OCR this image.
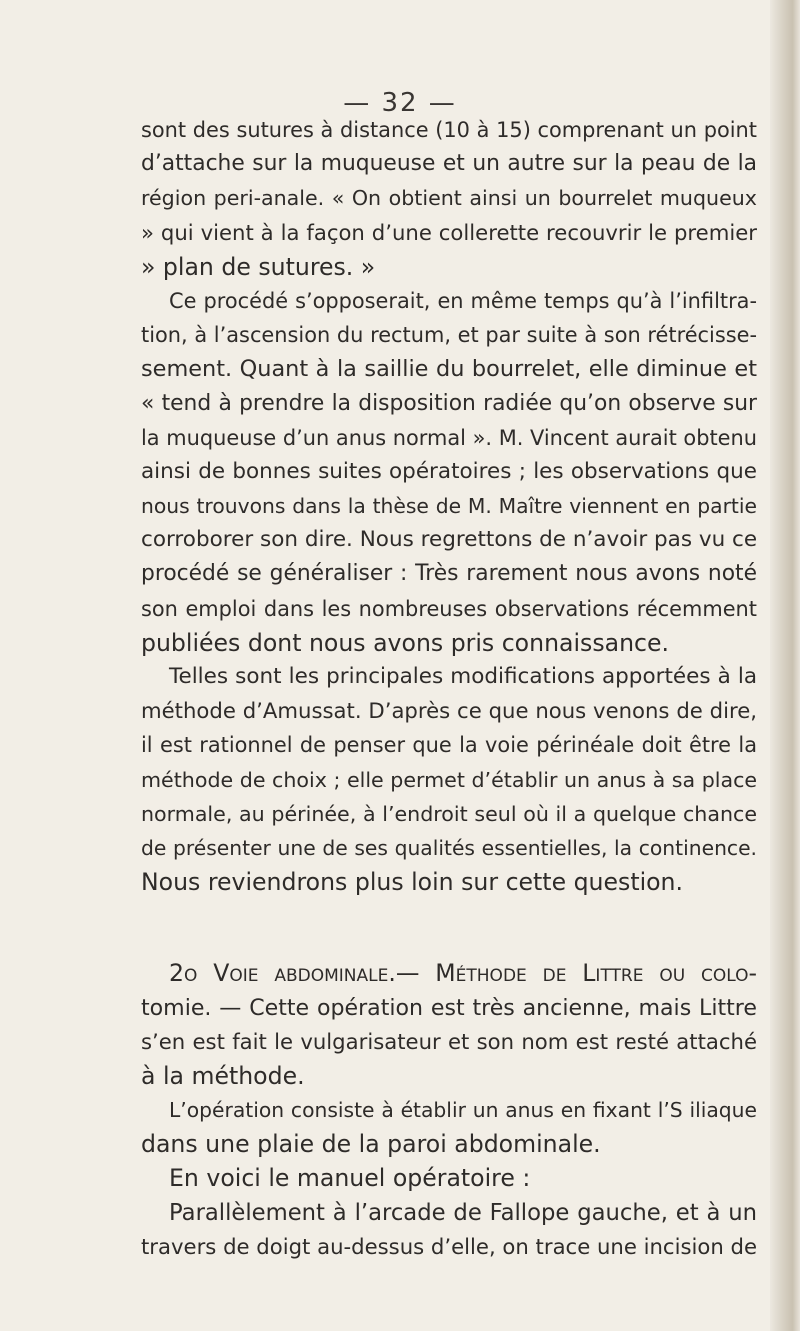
— 32 —
sont des sutures à distance (10 à 15) comprenant un point
d’attache sur la muqueuse et un autre sur la peau de la
région peri-anale. « On obtient ainsi un bourrelet muqueux
» qui vient à la façon d’une collerette recouvrir le premier
» plan de sutures. »
Ce procédé s’opposerait, en même temps qu’à l’infiltra-
tion, à l’ascension du rectum, et par suite à son rétrécisse-
sement. Quant à la saillie du bourrelet, elle diminue et
« tend à prendre la disposition radiée qu’on observe sur
la muqueuse d’un anus normal ». M. Vincent aurait obtenu
ainsi de bonnes suites opératoires ; les observations que
nous trouvons dans la thèse de M. Maître viennent en partie
corroborer son dire. Nous regrettons de n’avoir pas vu ce
procédé se généraliser : Très rarement nous avons noté
son emploi dans les nombreuses observations récemment
publiées dont nous avons pris connaissance.
Telles sont les principales modifications apportées à la
méthode d’Amussat. D’après ce que nous venons de dire,
il est rationnel de penser que la voie périnéale doit être la
méthode de choix ; elle permet d’établir un anus à sa place
normale, au périnée, à l’endroit seul où il a quelque chance
de présenter une de ses qualités essentielles, la continence.
Nous reviendrons plus loin sur cette question.
2o Voie abdominale.— Méthode de Littre ou colo-
tomie. — Cette opération est très ancienne, mais Littre
s’en est fait le vulgarisateur et son nom est resté attaché
à la méthode.
L’opération consiste à établir un anus en fixant l’S iliaque
dans une plaie de la paroi abdominale.
En voici le manuel opératoire :
Parallèlement à l’arcade de Fallope gauche, et à un
travers de doigt au-dessus d’elle, on trace une incision de
